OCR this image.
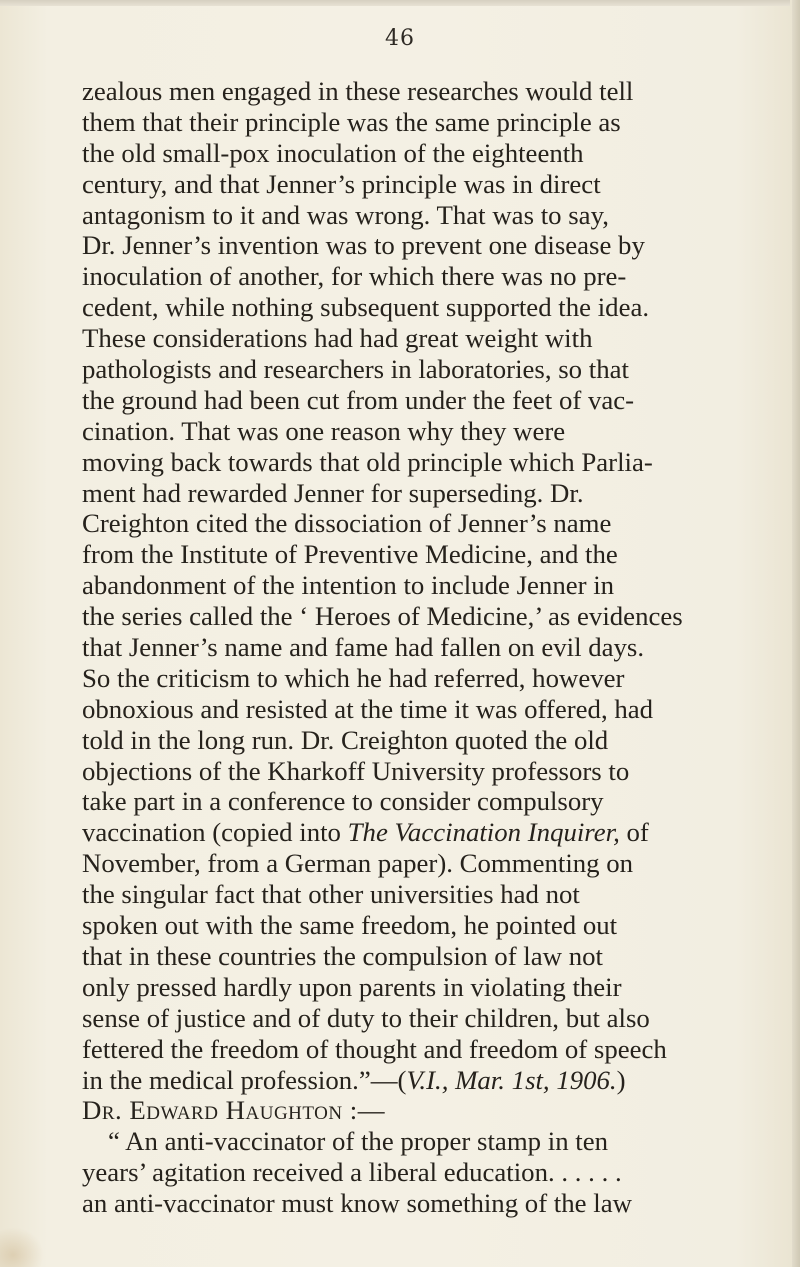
46
zealous men engaged in these researches would tell
them that their principle was the same principle as
the old small-pox inoculation of the eighteenth
century, and that Jenner’s principle was in direct
antagonism to it and was wrong. That was to say,
Dr. Jenner’s invention was to prevent one disease by
inoculation of another, for which there was no pre-
cedent, while nothing subsequent supported the idea.
These considerations had had great weight with
pathologists and researchers in laboratories, so that
the ground had been cut from under the feet of vac-
cination. That was one reason why they were
moving back towards that old principle which Parlia-
ment had rewarded Jenner for superseding. Dr.
Creighton cited the dissociation of Jenner’s name
from the Institute of Preventive Medicine, and the
abandonment of the intention to include Jenner in
the series called the ‘ Heroes of Medicine,’ as evidences
that Jenner’s name and fame had fallen on evil days.
So the criticism to which he had referred, however
obnoxious and resisted at the time it was offered, had
told in the long run. Dr. Creighton quoted the old
objections of the Kharkoff University professors to
take part in a conference to consider compulsory
vaccination (copied into The Vaccination Inquirer, of
November, from a German paper). Commenting on
the singular fact that other universities had not
spoken out with the same freedom, he pointed out
that in these countries the compulsion of law not
only pressed hardly upon parents in violating their
sense of justice and of duty to their children, but also
fettered the freedom of thought and freedom of speech
in the medical profession.”—(V.I., Mar. 1st, 1906.)
Dr. Edward Haughton :—
“ An anti-vaccinator of the proper stamp in ten
years’ agitation received a liberal education. . . . . .
an anti-vaccinator must know something of the law
